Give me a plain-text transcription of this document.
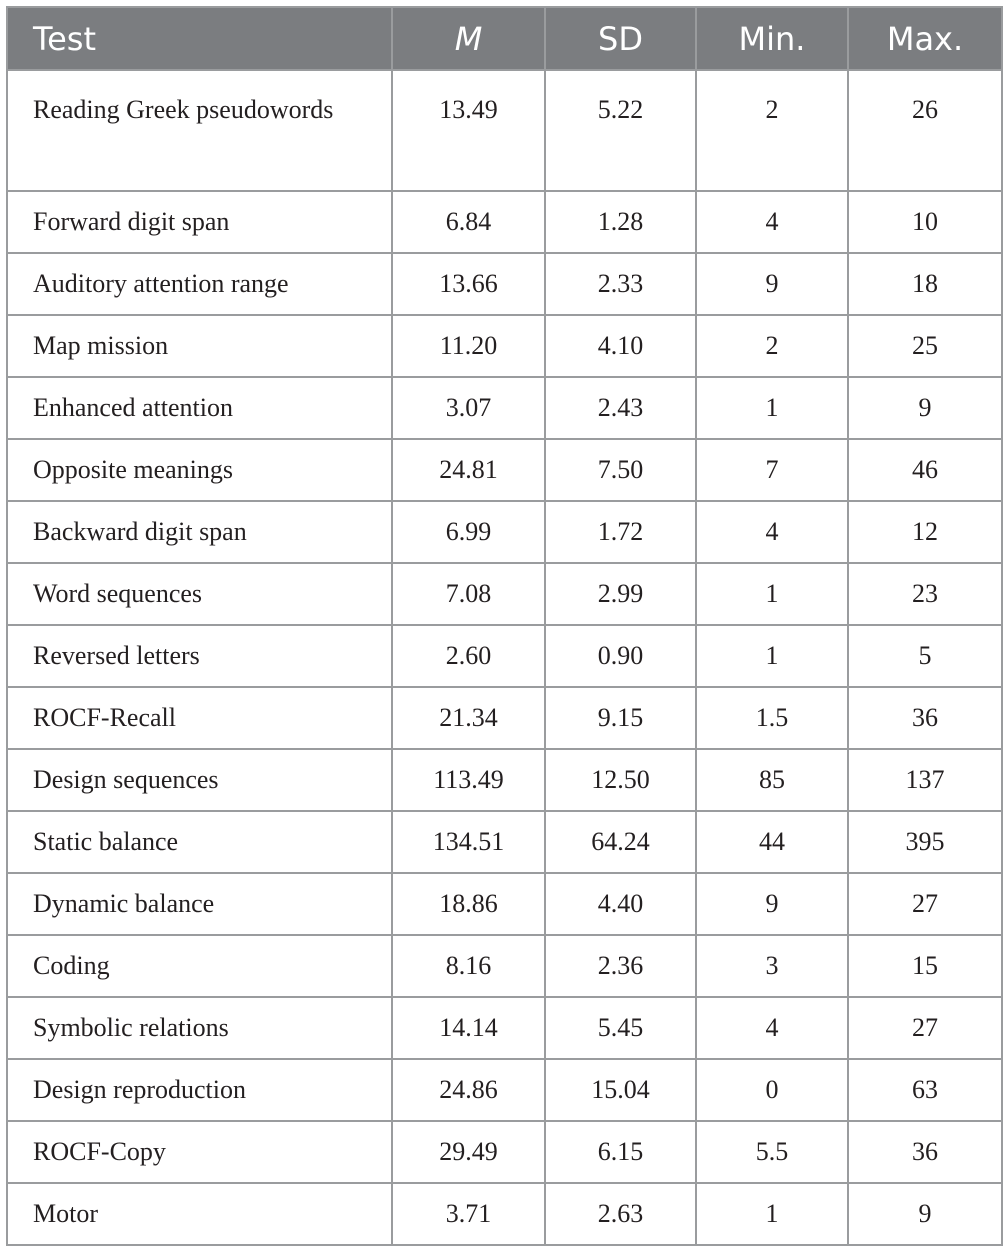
Test	M	SD	Min.	Max.
Reading Greek pseudowords	13.49	5.22	2	26
Forward digit span	6.84	1.28	4	10
Auditory attention range	13.66	2.33	9	18
Map mission	11.20	4.10	2	25
Enhanced attention	3.07	2.43	1	9
Opposite meanings	24.81	7.50	7	46
Backward digit span	6.99	1.72	4	12
Word sequences	7.08	2.99	1	23
Reversed letters	2.60	0.90	1	5
ROCF-Recall	21.34	9.15	1.5	36
Design sequences	113.49	12.50	85	137
Static balance	134.51	64.24	44	395
Dynamic balance	18.86	4.40	9	27
Coding	8.16	2.36	3	15
Symbolic relations	14.14	5.45	4	27
Design reproduction	24.86	15.04	0	63
ROCF-Copy	29.49	6.15	5.5	36
Motor	3.71	2.63	1	9
